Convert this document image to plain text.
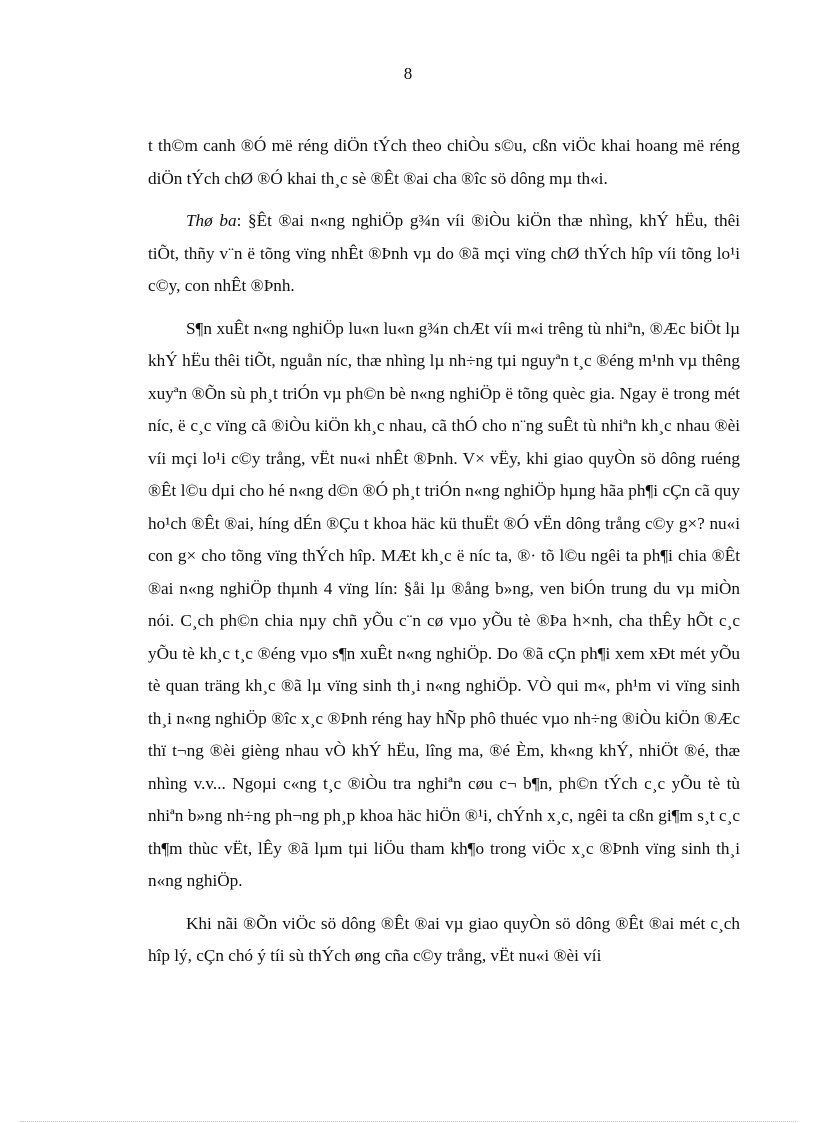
8

t th©m canh ®Ó më réng diÖn tÝch theo chiÒu s©u, cßn viÖc khai hoang më réng diÖn tÝch chØ ®Ó khai th¸c sè ®Êt ®ai cha ®îc sö dông mµ th«i.

Thø ba: §Êt ®ai n«ng nghiÖp g¾n víi ®iÒu kiÖn thæ nhìng, khÝ hËu, thêi tiÕt, thñy v¨n ë tõng vïng nhÊt ®Þnh vµ do ®ã mçi vïng chØ thÝch hîp víi tõng lo¹i c©y, con nhÊt ®Þnh.

S¶n xuÊt n«ng nghiÖp lu«n lu«n g¾n chÆt víi m«i trêng tù nhiªn, ®Æc biÖt lµ khÝ hËu thêi tiÕt, nguån níc, thæ nhìng lµ nh÷ng tµi nguyªn t¸c ®éng m¹nh vµ thêng xuyªn ®Õn sù ph¸t triÓn vµ ph©n bè n«ng nghiÖp ë tõng quèc gia. Ngay ë trong mét níc, ë c¸c vïng cã ®iÒu kiÖn kh¸c nhau, cã thÓ cho n¨ng suÊt tù nhiªn kh¸c nhau ®èi víi mçi lo¹i c©y trång, vËt nu«i nhÊt ®Þnh. V× vËy, khi giao quyÒn sö dông ruéng ®Êt l©u dµi cho hé n«ng d©n ®Ó ph¸t triÓn n«ng nghiÖp hµng hãa ph¶i cÇn cã quy ho¹ch ®Êt ®ai, híng dÉn ®Çu t khoa häc kü thuËt ®Ó vËn dông trång c©y g×? nu«i con g× cho tõng vïng thÝch hîp. MÆt kh¸c ë níc ta, ®· tõ l©u ngêi ta ph¶i chia ®Êt ®ai n«ng nghiÖp thµnh 4 vïng lín: §åi lµ ®ång b»ng, ven biÓn trung du vµ miÒn nói. C¸ch ph©n chia nµy chñ yÕu c¨n cø vµo yÕu tè ®Þa h×nh, cha thÊy hÕt c¸c yÕu tè kh¸c t¸c ®éng vµo s¶n xuÊt n«ng nghiÖp. Do ®ã cÇn ph¶i xem xÐt mét yÕu tè quan träng kh¸c ®ã lµ vïng sinh th¸i n«ng nghiÖp. VÒ qui m«, ph¹m vi vïng sinh th¸i n«ng nghiÖp ®îc x¸c ®Þnh réng hay hÑp phô thuéc vµo nh÷ng ®iÒu kiÖn ®Æc thï t¬ng ®èi gièng nhau vÒ khÝ hËu, lîng ma, ®é Èm, kh«ng khÝ, nhiÖt ®é, thæ nhìng v.v... Ngoµi c«ng t¸c ®iÒu tra nghiªn cøu c¬ b¶n, ph©n tÝch c¸c yÕu tè tù nhiªn b»ng nh÷ng ph¬ng ph¸p khoa häc hiÖn ®¹i, chÝnh x¸c, ngêi ta cßn gi¶m s¸t c¸c th¶m thùc vËt, lÊy ®ã lµm tµi liÖu tham kh¶o trong viÖc x¸c ®Þnh vïng sinh th¸i n«ng nghiÖp.

Khi nãi ®Õn viÖc sö dông ®Êt ®ai vµ giao quyÒn sö dông ®Êt ®ai mét c¸ch hîp lý, cÇn chó ý tíi sù thÝch øng cña c©y trång, vËt nu«i ®èi víi
